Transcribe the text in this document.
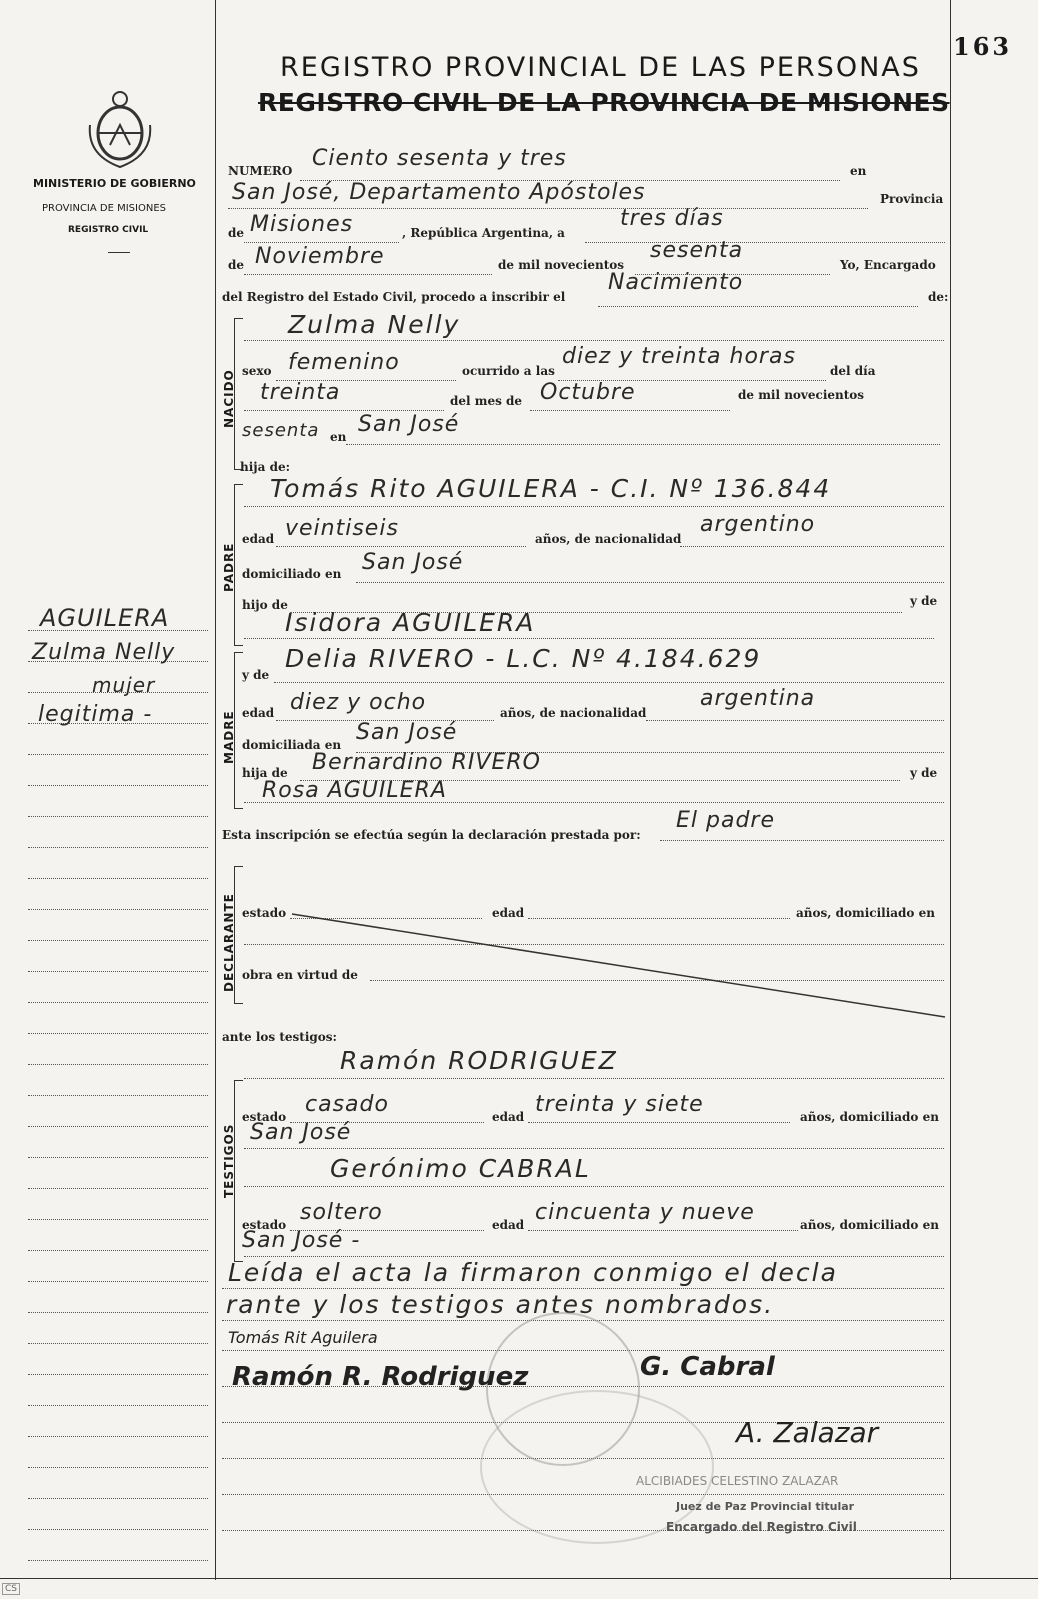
163
REGISTRO PROVINCIAL DE LAS PERSONAS
REGISTRO CIVIL DE LA PROVINCIA DE MISIONES
MINISTERIO DE GOBIERNO
PROVINCIA DE MISIONES
REGISTRO CIVIL
AGUILERA
Zulma Nelly
mujer
legitima -
NUMERO Ciento sesenta y tres	en
San José, Departamento Apóstoles	Provincia
de Misiones	, República Argentina, a
tres días
de Noviembre	de mil novecientos
sesenta
Yo, Encargado
del Registro del Estado Civil, procedo a inscribir el
Nacimiento
de:
NACIDO
Zulma Nelly
sexo femenino	ocurrido a las
diez y treinta horas
del día
treinta	del mes de Octubre	de mil novecientos
sesenta en San José
hija de:
PADRE
Tomás Rito AGUILERA - C.I. Nº 136.844
edad veintiseis	años, de nacionalidad
argentino
domiciliado en San José
hijo de	y de
Isidora AGUILERA
MADRE
y de
Delia RIVERO - L.C. Nº 4.184.629
edad diez y ocho	años, de nacionalidad
argentina
domiciliada en San José
hija de Bernardino RIVERO	y de
Rosa AGUILERA
Esta inscripción se efectúa según la declaración prestada por:
El padre
DECLARANTE estado	edad	años, domiciliado en
obra en virtud de
ante los testigos:
TESTIGOS
Ramón RODRIGUEZ
estado casado	edad treinta y siete	años, domiciliado en
San José
Gerónimo CABRAL
estado soltero	edad cincuenta y nueve	años, domiciliado en
San José -
Leída el acta la firmaron conmigo el decla
rante y los testigos antes nombrados.
Tomás Rit Aguilera
Ramón R. Rodriguez	G. Cabral
A. Zalazar
ALCIBIADES CELESTINO ZALAZAR
Juez de Paz Provincial titular
Encargado del Registro Civil
CS
